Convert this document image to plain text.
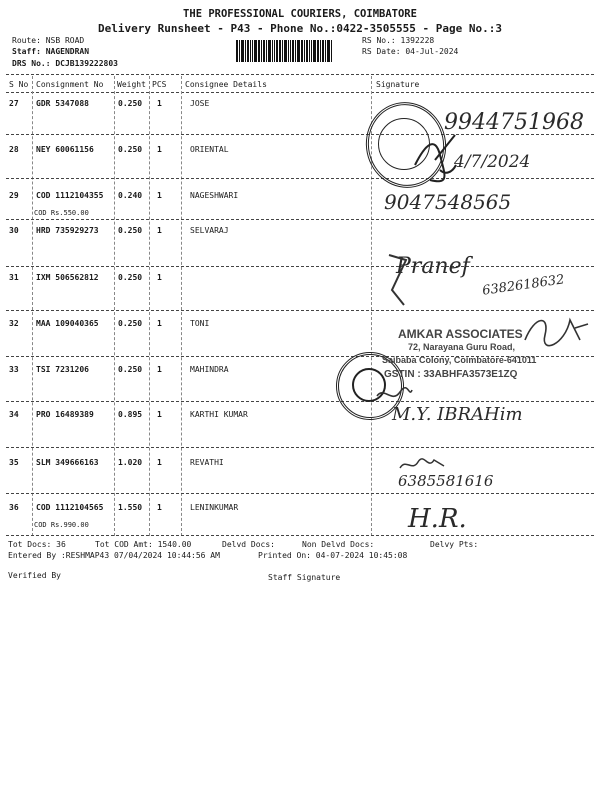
THE PROFESSIONAL COURIERS, COIMBATORE
Delivery Runsheet - P43 - Phone No.:0422-3505555 - Page No.:3
Route: NSB ROAD
Staff: NAGENDRAN
DRS No.: DCJB139222803
RS No.: 1392228
RS Date: 04-Jul-2024
S No Consignment No Weight PCS Consignee Details	Signature
27 GDR 5347088	0.250 1	JOSE
28 NEY 60061156	0.250 1	ORIENTAL
29 COD 1112104355 0.240 1	NAGESHWARI
COD Rs.550.00
30 HRD 735929273 0.250 1	SELVARAJ
31 IXM 506562812 0.250 1
32 MAA 109040365 0.250 1	TONI
33 TSI 7231206	0.250 1	MAHINDRA
34 PRO 16489389	0.895 1	KARTHI KUMAR
35 SLM 349666163 1.020 1	REVATHI
36 COD 1112104565 1.550 1	LENINKUMAR
COD Rs.990.00
Tot Docs: 36	Tot COD Amt: 1540.00	Delvd Docs:	Non Delvd Docs:	Delvy Pts:
Entered By :RESHMAP43 07/04/2024 10:44:56 AM	Printed On: 04-07-2024 10:45:08
Verified By	Staff Signature
AMKAR ASSOCIATES
72, Narayana Guru Road,
Saibaba Colony, Coimbatore-641011
GSTIN : 33ABHFA3573E1ZQ
9944751968
4/7/2024
9047548565
Pranef
6382618632
M.Y. IBRAHim
6385581616
H.R.
